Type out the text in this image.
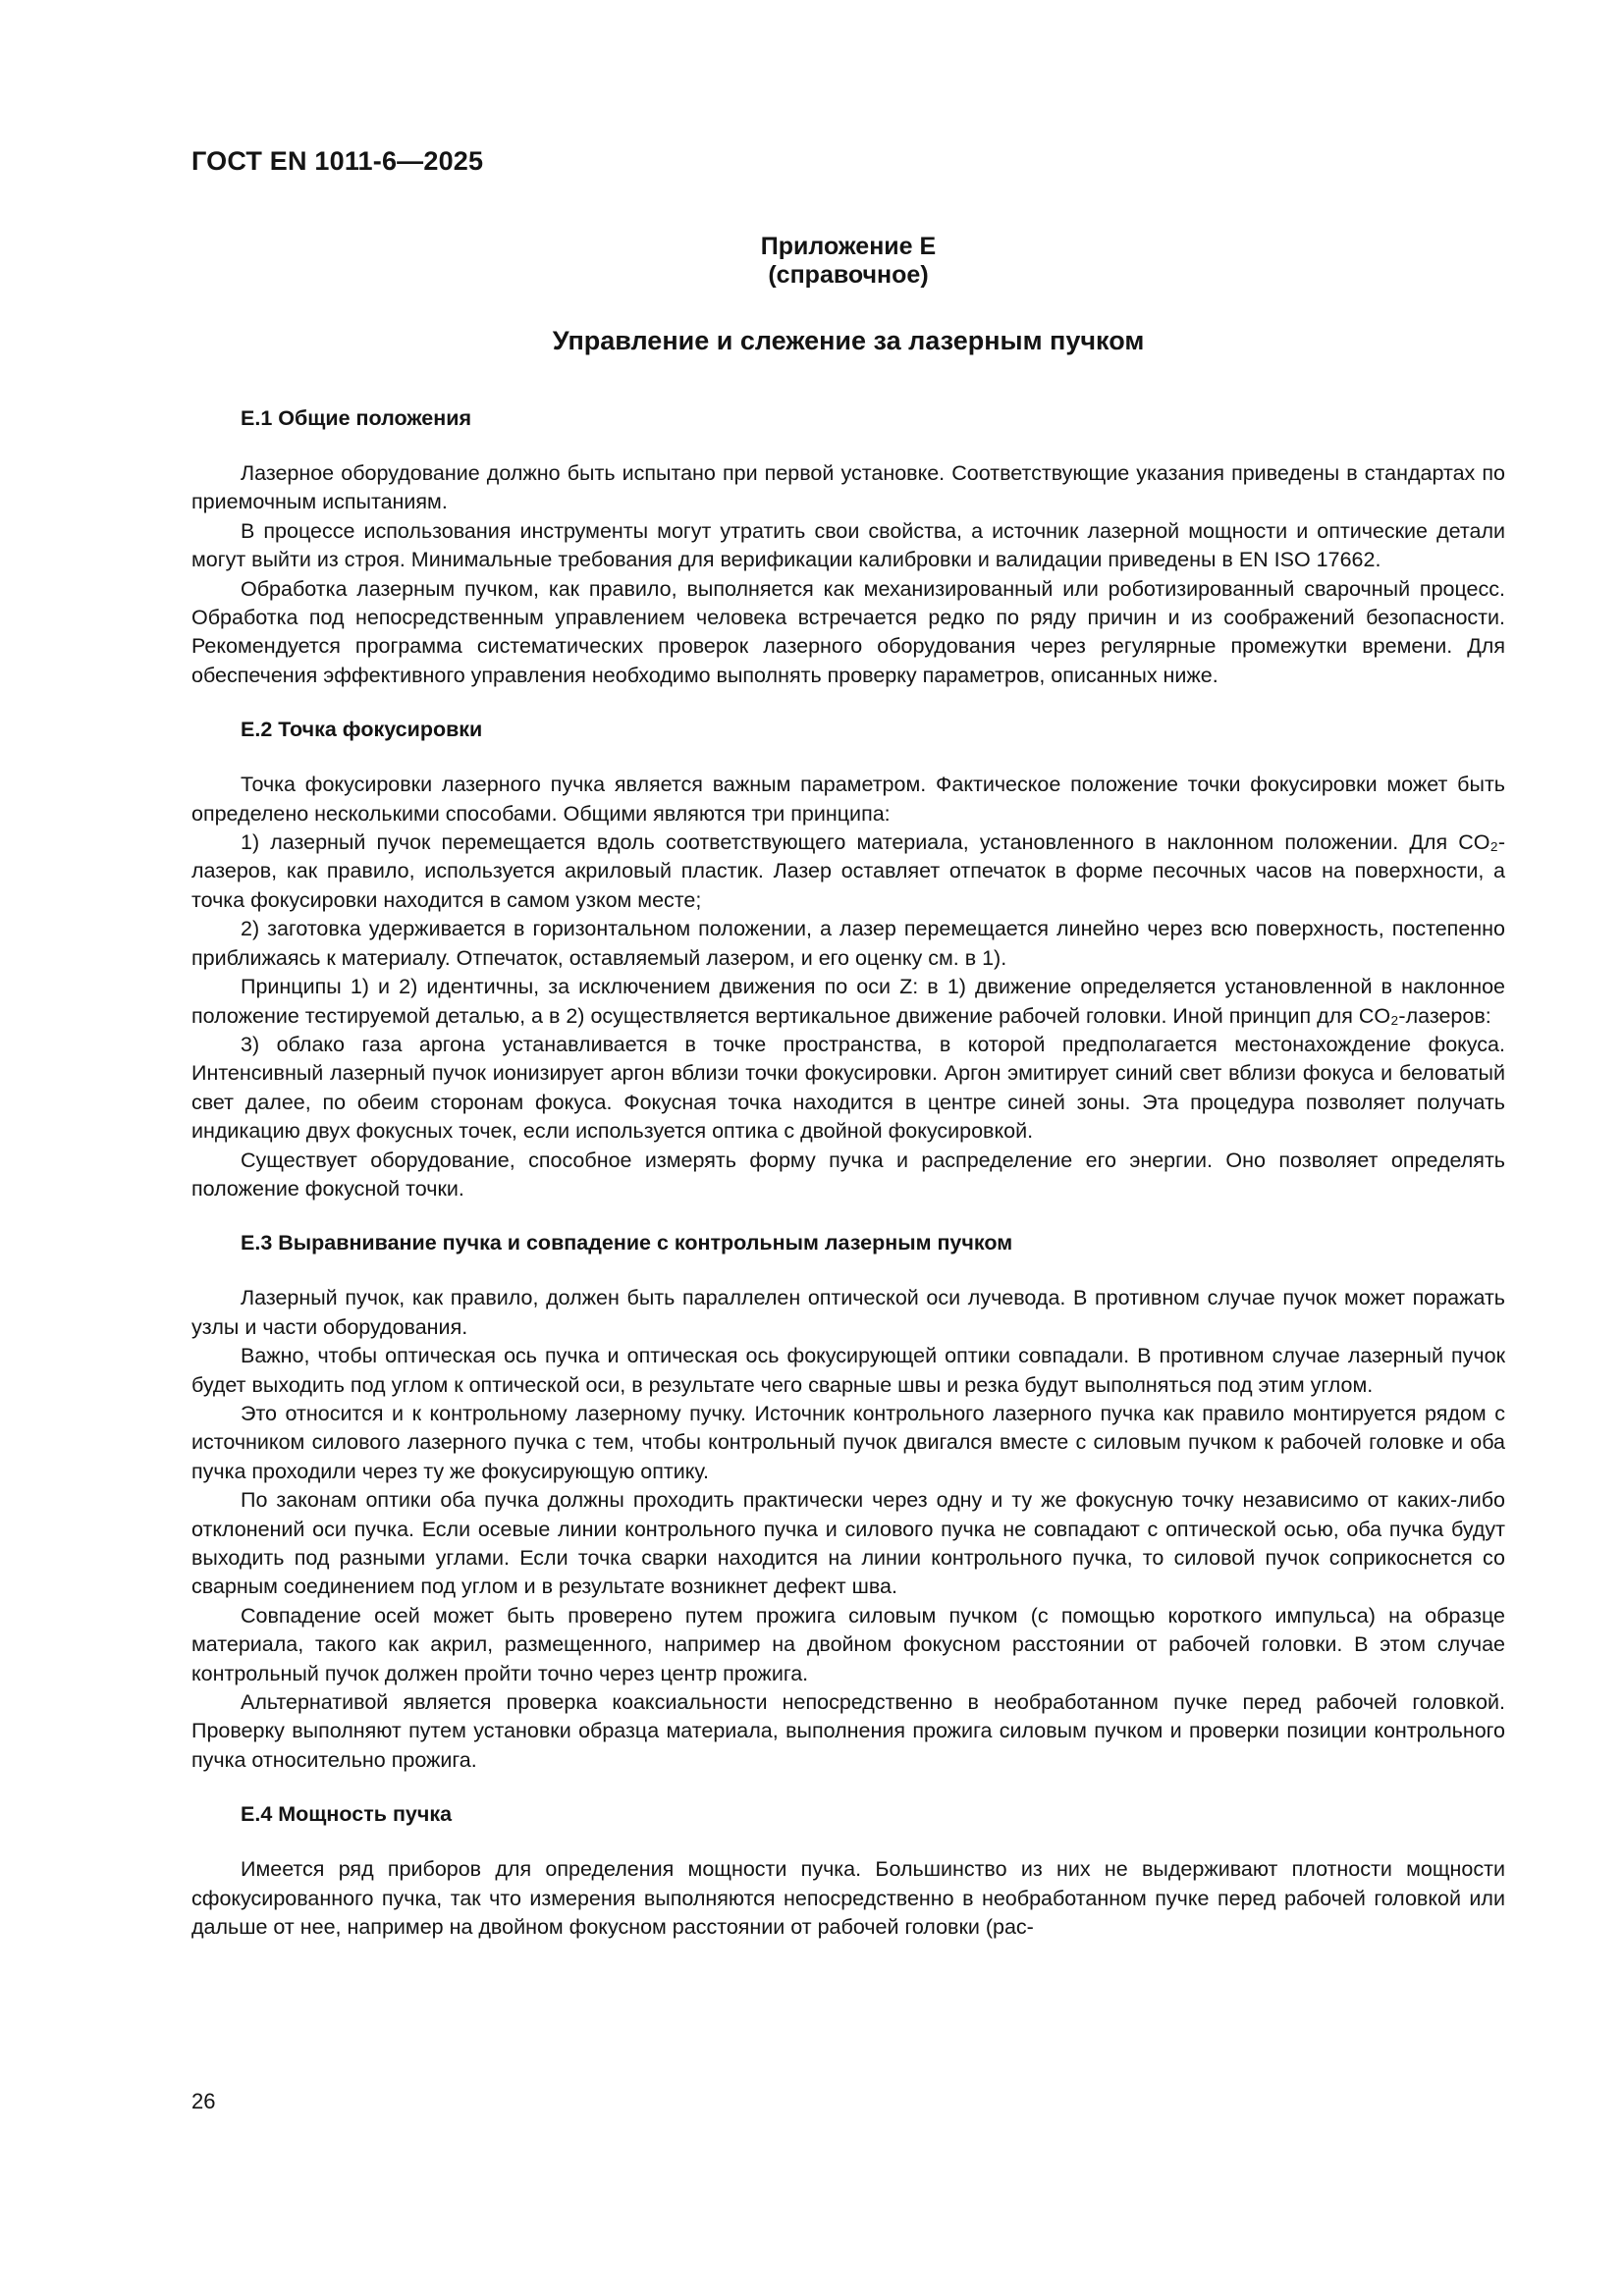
ГОСТ EN 1011-6—2025
Приложение Е
(справочное)
Управление и слежение за лазерным пучком
Е.1 Общие положения

Лазерное оборудование должно быть испытано при первой установке. Соответствующие указания приведены в стандартах по приемочным испытаниям.

В процессе использования инструменты могут утратить свои свойства, а источник лазерной мощности и оптические детали могут выйти из строя. Минимальные требования для верификации калибровки и валидации приведены в EN ISO 17662.

Обработка лазерным пучком, как правило, выполняется как механизированный или роботизированный сварочный процесс. Обработка под непосредственным управлением человека встречается редко по ряду причин и из соображений безопасности. Рекомендуется программа систематических проверок лазерного оборудования через регулярные промежутки времени. Для обеспечения эффективного управления необходимо выполнять проверку параметров, описанных ниже.

Е.2 Точка фокусировки

Точка фокусировки лазерного пучка является важным параметром. Фактическое положение точки фокусировки может быть определено несколькими способами. Общими являются три принципа:

1) лазерный пучок перемещается вдоль соответствующего материала, установленного в наклонном положении. Для CO₂-лазеров, как правило, используется акриловый пластик. Лазер оставляет отпечаток в форме песочных часов на поверхности, а точка фокусировки находится в самом узком месте;

2) заготовка удерживается в горизонтальном положении, а лазер перемещается линейно через всю поверхность, постепенно приближаясь к материалу. Отпечаток, оставляемый лазером, и его оценку см. в 1).

Принципы 1) и 2) идентичны, за исключением движения по оси Z: в 1) движение определяется установленной в наклонное положение тестируемой деталью, а в 2) осуществляется вертикальное движение рабочей головки. Иной принцип для CO₂-лазеров:

3) облако газа аргона устанавливается в точке пространства, в которой предполагается местонахождение фокуса. Интенсивный лазерный пучок ионизирует аргон вблизи точки фокусировки. Аргон эмитирует синий свет вблизи фокуса и беловатый свет далее, по обеим сторонам фокуса. Фокусная точка находится в центре синей зоны. Эта процедура позволяет получать индикацию двух фокусных точек, если используется оптика с двойной фокусировкой.

Существует оборудование, способное измерять форму пучка и распределение его энергии. Оно позволяет определять положение фокусной точки.

Е.3 Выравнивание пучка и совпадение с контрольным лазерным пучком

Лазерный пучок, как правило, должен быть параллелен оптической оси лучевода. В противном случае пучок может поражать узлы и части оборудования.

Важно, чтобы оптическая ось пучка и оптическая ось фокусирующей оптики совпадали. В противном случае лазерный пучок будет выходить под углом к оптической оси, в результате чего сварные швы и резка будут выполняться под этим углом.

Это относится и к контрольному лазерному пучку. Источник контрольного лазерного пучка как правило монтируется рядом с источником силового лазерного пучка с тем, чтобы контрольный пучок двигался вместе с силовым пучком к рабочей головке и оба пучка проходили через ту же фокусирующую оптику.

По законам оптики оба пучка должны проходить практически через одну и ту же фокусную точку независимо от каких-либо отклонений оси пучка. Если осевые линии контрольного пучка и силового пучка не совпадают с оптической осью, оба пучка будут выходить под разными углами. Если точка сварки находится на линии контрольного пучка, то силовой пучок соприкоснется со сварным соединением под углом и в результате возникнет дефект шва.

Совпадение осей может быть проверено путем прожига силовым пучком (с помощью короткого импульса) на образце материала, такого как акрил, размещенного, например на двойном фокусном расстоянии от рабочей головки. В этом случае контрольный пучок должен пройти точно через центр прожига.

Альтернативой является проверка коаксиальности непосредственно в необработанном пучке перед рабочей головкой. Проверку выполняют путем установки образца материала, выполнения прожига силовым пучком и проверки позиции контрольного пучка относительно прожига.

Е.4 Мощность пучка

Имеется ряд приборов для определения мощности пучка. Большинство из них не выдерживают плотности мощности сфокусированного пучка, так что измерения выполняются непосредственно в необработанном пучке перед рабочей головкой или дальше от нее, например на двойном фокусном расстоянии от рабочей головки (рас-

26
